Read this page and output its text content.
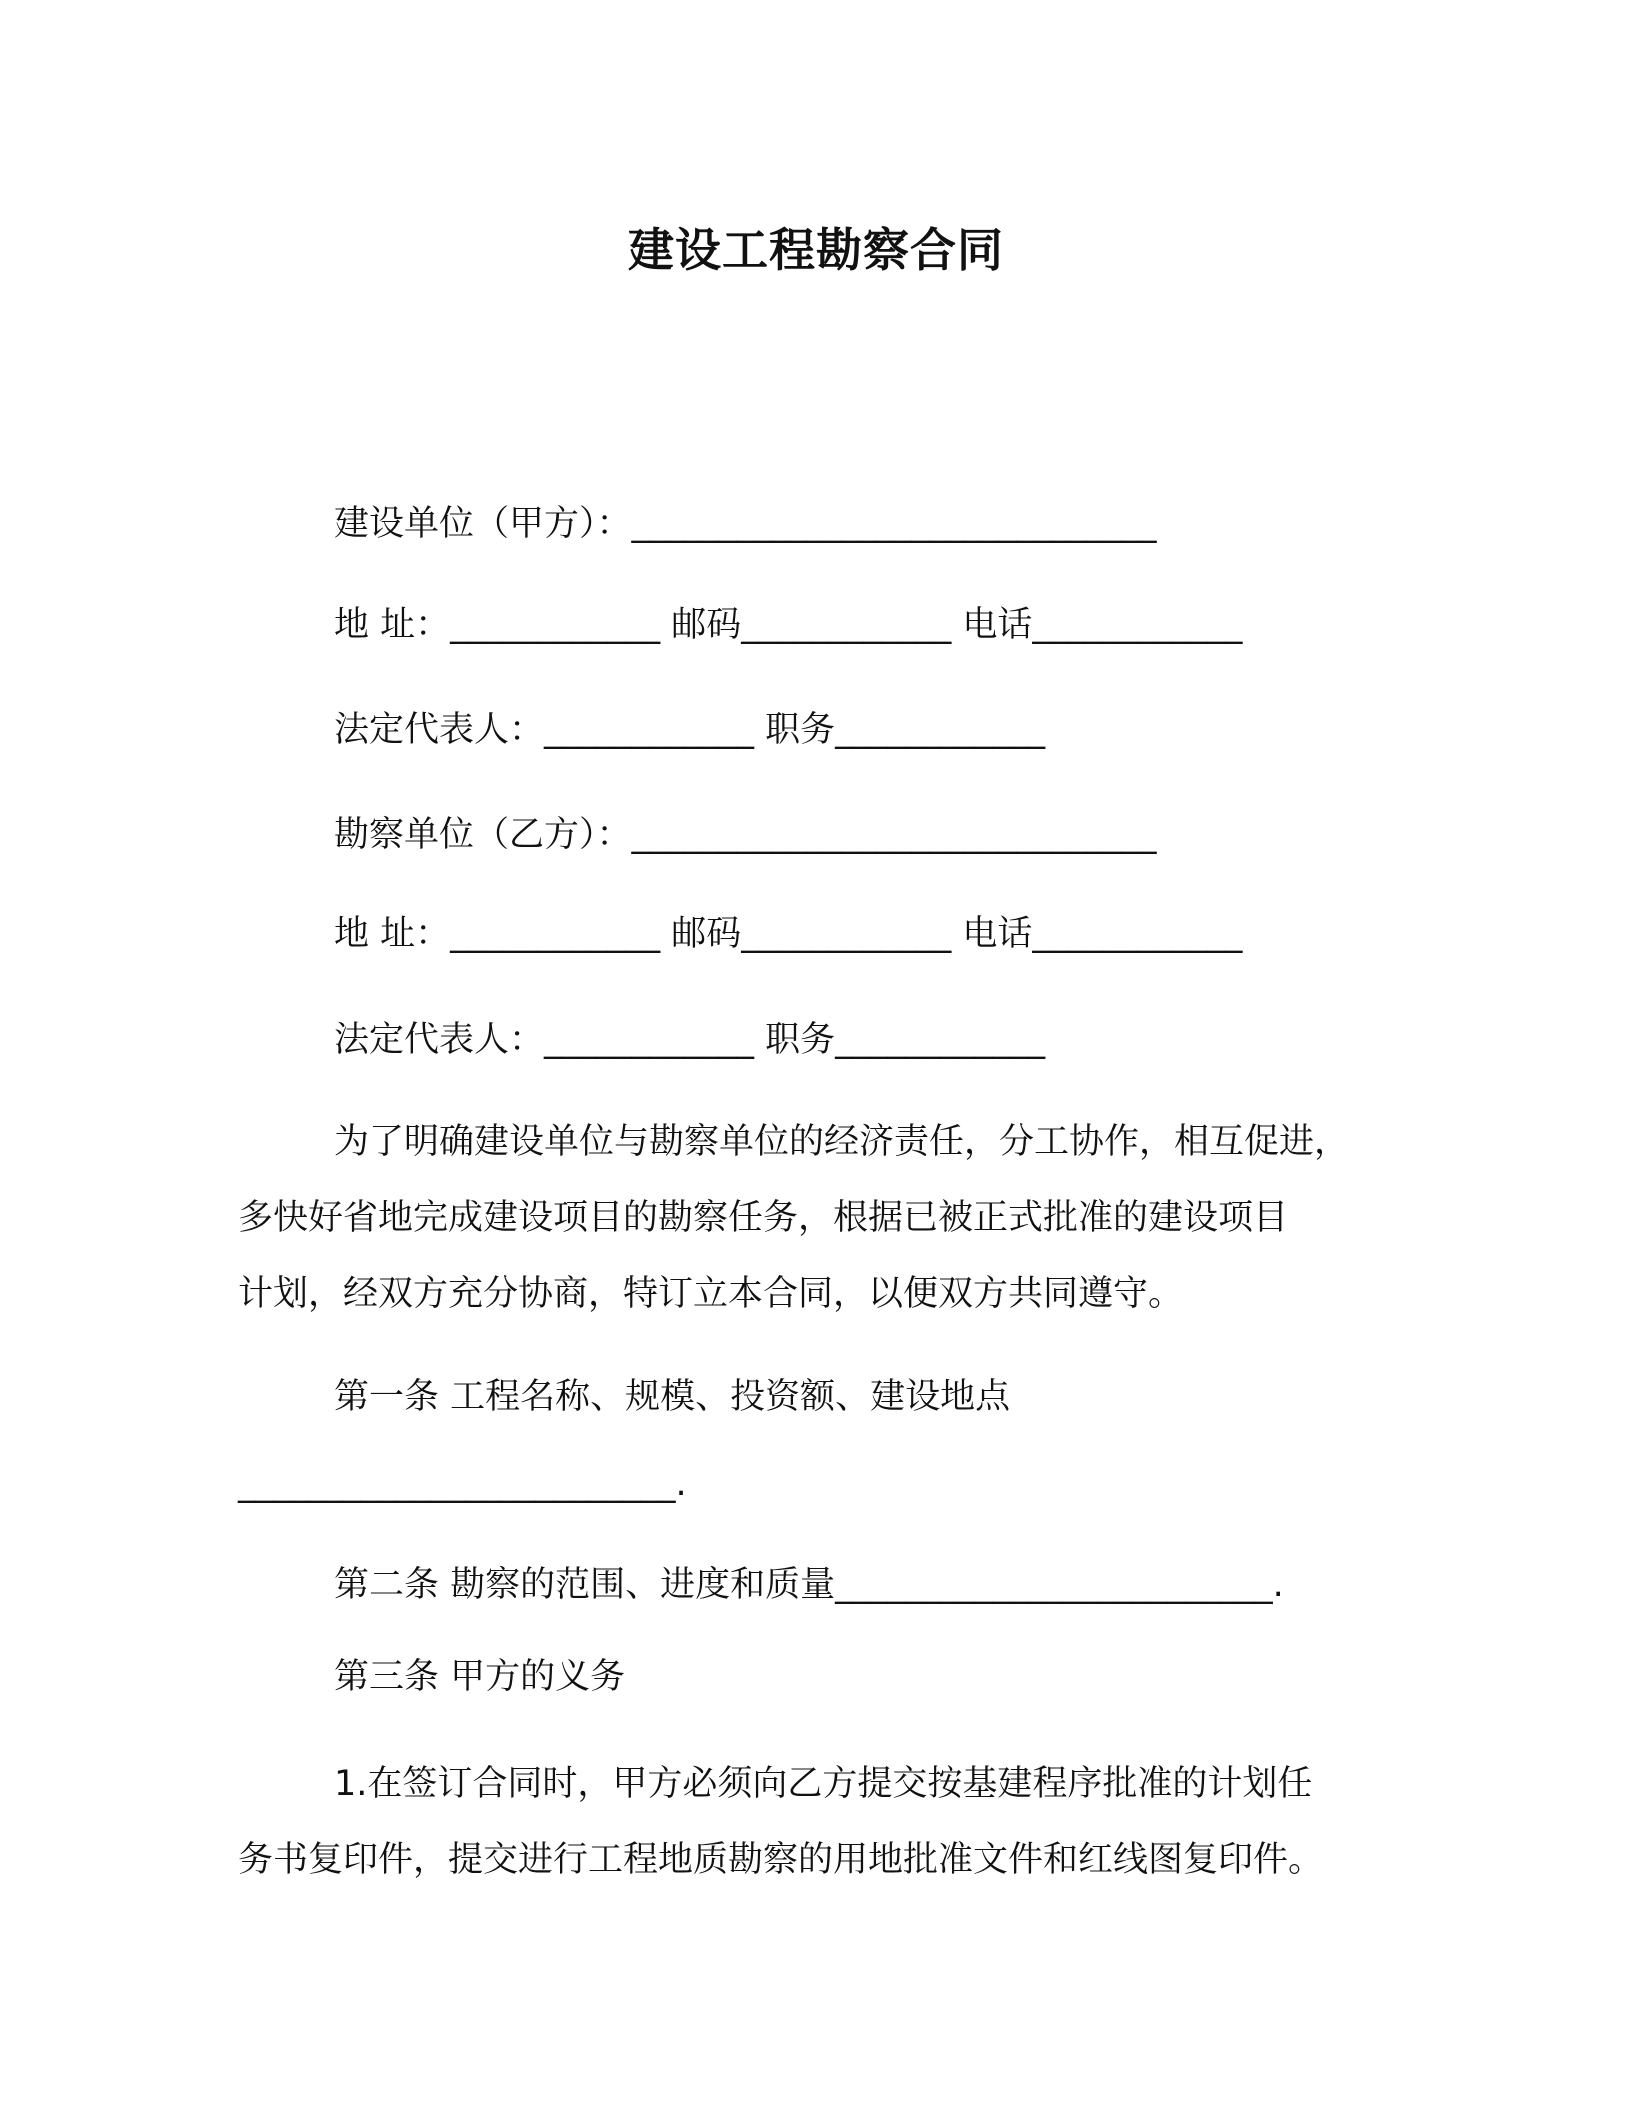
建设工程勘察合同
建设单位（甲方）：______________________________
地 址：____________ 邮码____________ 电话____________
法定代表人：____________ 职务____________
勘察单位（乙方）：______________________________
地 址：____________ 邮码____________ 电话____________
法定代表人：____________ 职务____________
为了明确建设单位与勘察单位的经济责任，分工协作，相互促进，
多快好省地完成建设项目的勘察任务，根据已被正式批准的建设项目
计划，经双方充分协商，特订立本合同，以便双方共同遵守。
第一条 工程名称、规模、投资额、建设地点
_________________________.
第二条 勘察的范围、进度和质量_________________________.
第三条 甲方的义务
1.在签订合同时，甲方必须向乙方提交按基建程序批准的计划任
务书复印件，提交进行工程地质勘察的用地批准文件和红线图复印件。
